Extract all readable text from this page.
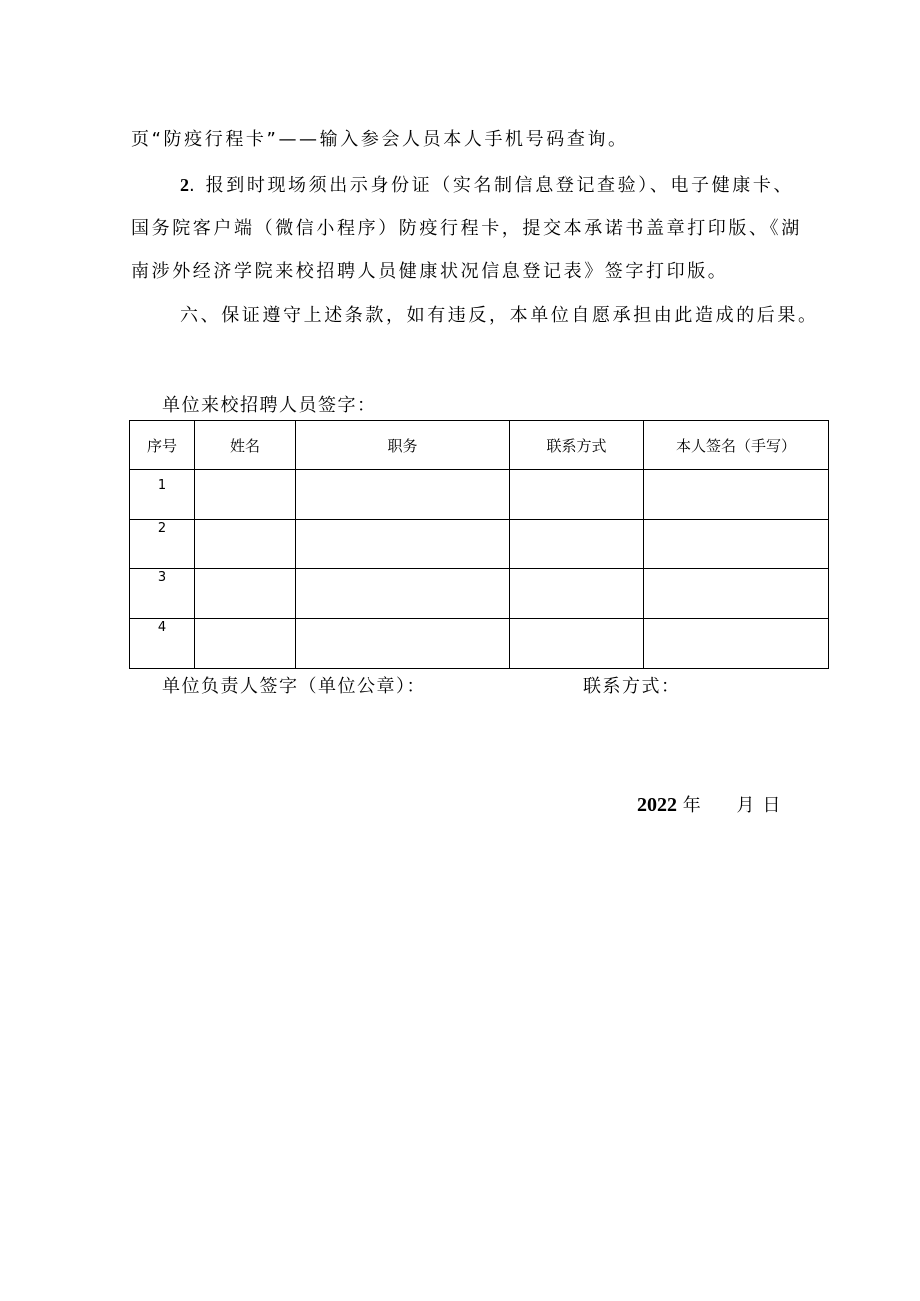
页“防疫行程卡”——输入参会人员本人手机号码查询。
2. 报到时现场须出示身份证（实名制信息登记查验）、电子健康卡、
国务院客户端（微信小程序）防疫行程卡，提交本承诺书盖章打印版、《湖
南涉外经济学院来校招聘人员健康状况信息登记表》签字打印版。
六、保证遵守上述条款，如有违反，本单位自愿承担由此造成的后果。
单位来校招聘人员签字：
序号	姓名	职务	联系方式	本人签名（手写）
1				
2				
3				
4				
单位负责人签字（单位公章）：	联系方式：
2022 年 月日
